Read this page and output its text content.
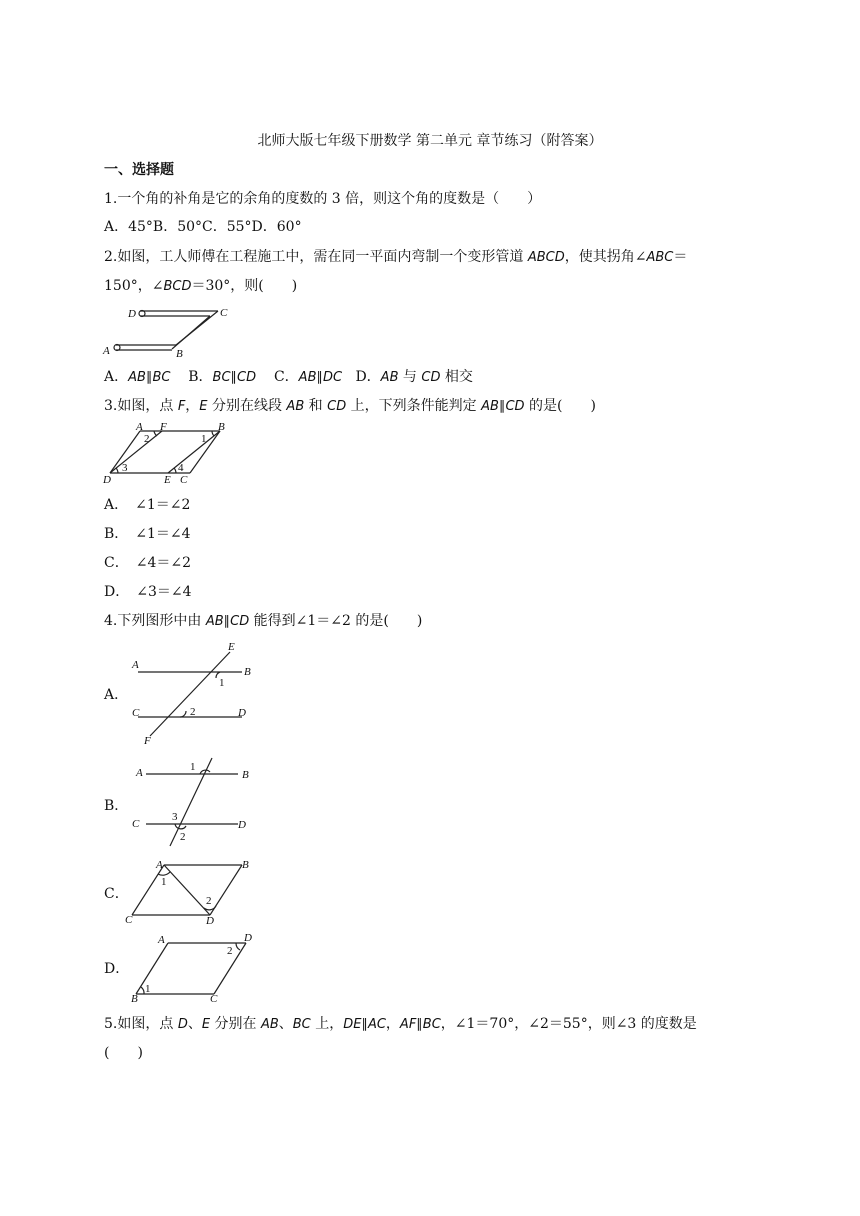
北师大版七年级下册数学 第二单元 章节练习（附答案）
一、选择题
1.一个角的补角是它的余角的度数的 3 倍，则这个角的度数是（　　）
A．45°B．50°C．55°D．60°
2.如图，工人师傅在工程施工中，需在同一平面内弯制一个变形管道 ABCD，使其拐角∠ABC＝
150°，∠BCD＝30°，则(　　)
D	C
A	B
A．AB∥BC B．BC∥CD C．AB∥DC D．AB 与 CD 相交
3.如图，点 F，E 分别在线段 AB 和 CD 上，下列条件能判定 AB∥CD 的是(　　)
A F	B
D	E C
1
2
3	4
A．　∠1＝∠2
B．　∠1＝∠4
C．　∠4＝∠2
D．　∠3＝∠4
4.下列图形中由 AB∥CD 能得到∠1＝∠2 的是(　　)
A．
A
E
B
1
C	2	D
F
B．
A	1
B
C
3
2
D
C．
A	B
1
2
C	D
D．
A	D
2
B
1
C
5.如图，点 D、E 分别在 AB、BC 上，DE∥AC，AF∥BC，∠1＝70°，∠2＝55°，则∠3 的度数是
(　　)
